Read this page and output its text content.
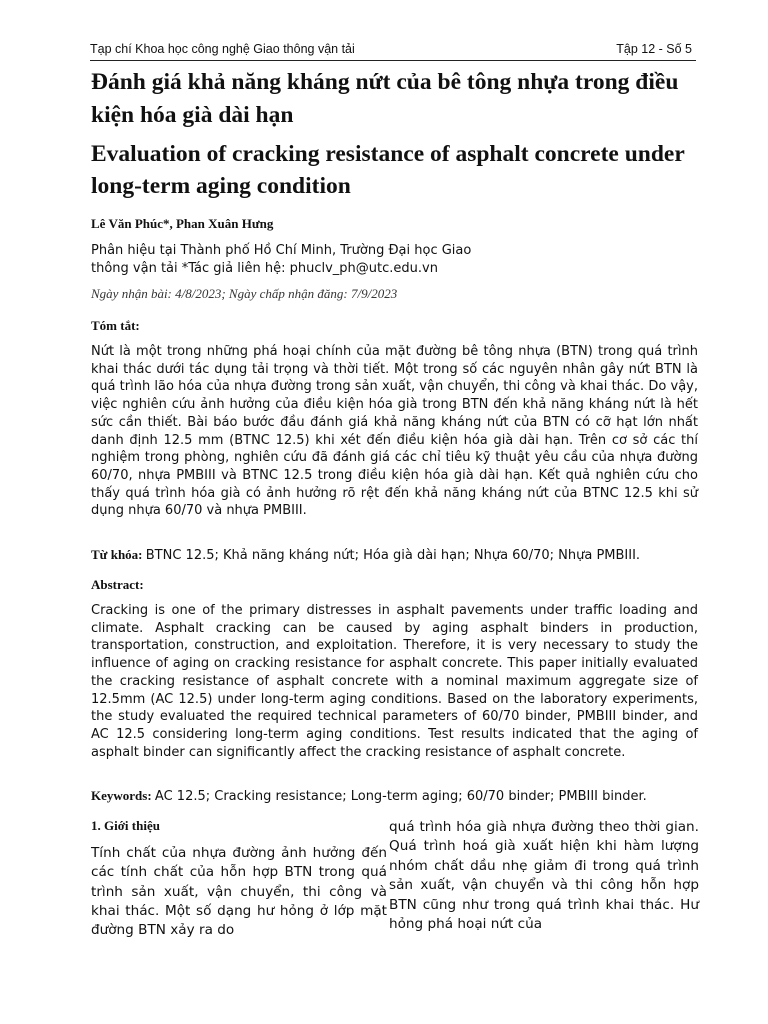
Tạp chí Khoa học công nghệ Giao thông vận tải	Tập 12 - Số 5
Đánh giá khả năng kháng nứt của bê tông nhựa trong điều kiện hóa già dài hạn
Evaluation of cracking resistance of asphalt concrete under long-term aging condition
Lê Văn Phúc*, Phan Xuân Hưng
Phân hiệu tại Thành phố Hồ Chí Minh, Trường Đại học Giao
thông vận tải *Tác giả liên hệ: phuclv_ph@utc.edu.vn
Ngày nhận bài: 4/8/2023; Ngày chấp nhận đăng: 7/9/2023
Tóm tắt:
Nứt là một trong những phá hoại chính của mặt đường bê tông nhựa (BTN) trong quá trình khai thác dưới tác dụng tải trọng và thời tiết. Một trong số các nguyên nhân gây nứt BTN là quá trình lão hóa của nhựa đường trong sản xuất, vận chuyển, thi công và khai thác. Do vậy, việc nghiên cứu ảnh hưởng của điều kiện hóa già trong BTN đến khả năng kháng nứt là hết sức cần thiết. Bài báo bước đầu đánh giá khả năng kháng nứt của BTN có cỡ hạt lớn nhất danh định 12.5 mm (BTNC 12.5) khi xét đến điều kiện hóa già dài hạn. Trên cơ sở các thí nghiệm trong phòng, nghiên cứu đã đánh giá các chỉ tiêu kỹ thuật yêu cầu của nhựa đường 60/70, nhựa PMBIII và BTNC 12.5 trong điều kiện hóa già dài hạn. Kết quả nghiên cứu cho thấy quá trình hóa già có ảnh hưởng rõ rệt đến khả năng kháng nứt của BTNC 12.5 khi sử dụng nhựa 60/70 và nhựa PMBIII.
Từ khóa: BTNC 12.5; Khả năng kháng nứt; Hóa già dài hạn; Nhựa 60/70; Nhựa PMBIII.
Abstract:
Cracking is one of the primary distresses in asphalt pavements under traffic loading and climate. Asphalt cracking can be caused by aging asphalt binders in production, transportation, construction, and exploitation. Therefore, it is very necessary to study the influence of aging on cracking resistance for asphalt concrete. This paper initially evaluated the cracking resistance of asphalt concrete with a nominal maximum aggregate size of 12.5mm (AC 12.5) under long-term aging conditions. Based on the laboratory experiments, the study evaluated the required technical parameters of 60/70 binder, PMBIII binder, and AC 12.5 considering long-term aging conditions. Test results indicated that the aging of asphalt binder can significantly affect the cracking resistance of asphalt concrete.
Keywords: AC 12.5; Cracking resistance; Long-term aging; 60/70 binder; PMBIII binder.
1. Giới thiệu
Tính chất của nhựa đường ảnh hưởng đến các tính chất của hỗn hợp BTN trong quá trình sản xuất, vận chuyển, thi công và khai thác. Một số dạng hư hỏng ở lớp mặt đường BTN xảy ra do
quá trình hóa già nhựa đường theo thời gian. Quá trình hoá già xuất hiện khi hàm lượng nhóm chất dầu nhẹ giảm đi trong quá trình sản xuất, vận chuyển và thi công hỗn hợp BTN cũng như trong quá trình khai thác. Hư hỏng phá hoại nứt của
